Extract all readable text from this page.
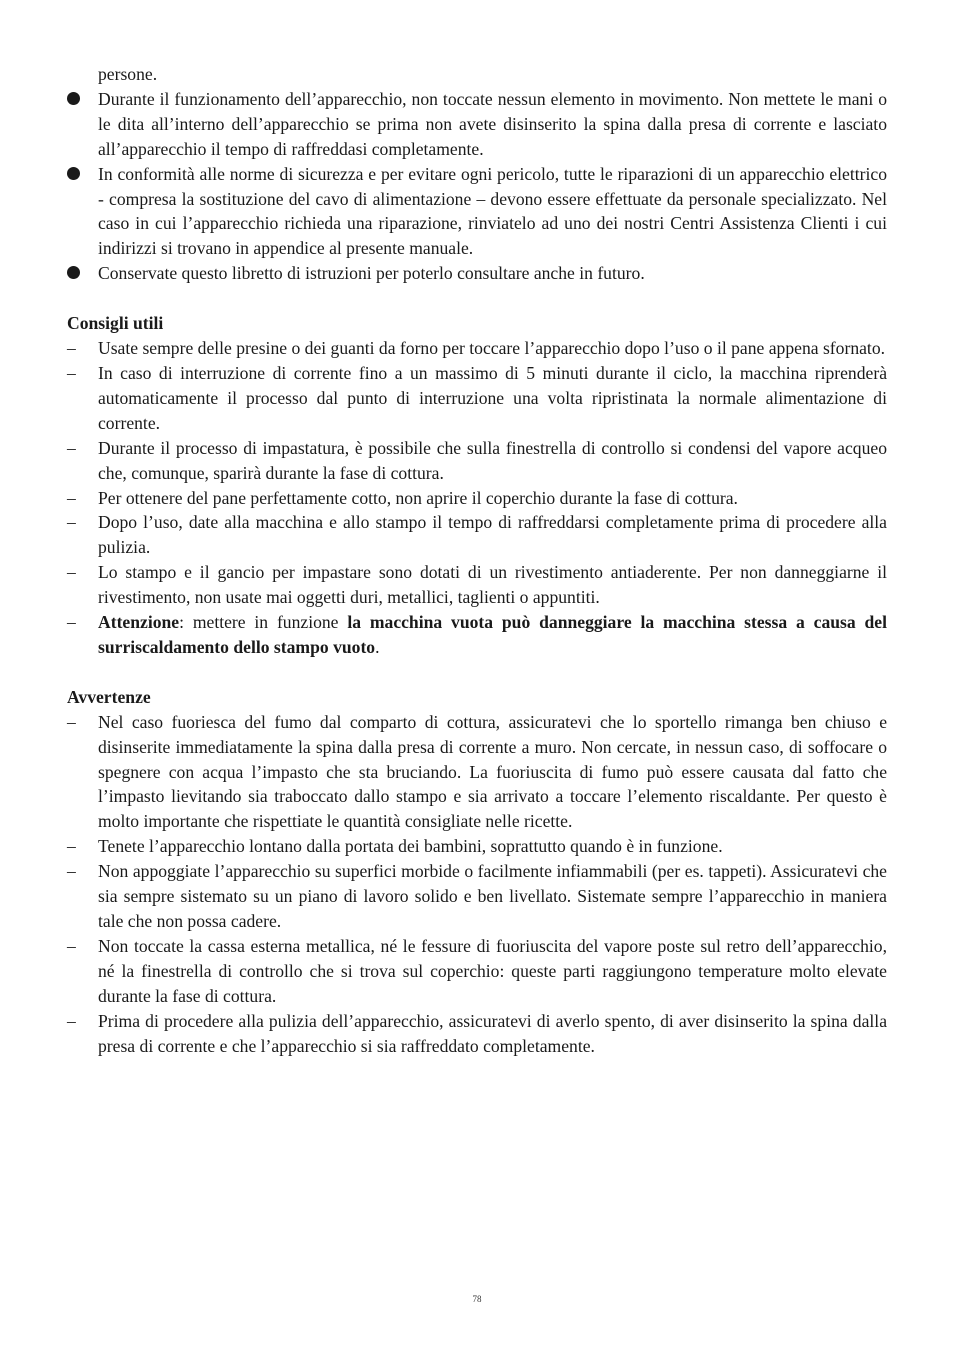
persone.
Durante il funzionamento dell’apparecchio, non toccate nessun elemento in movimento. Non mettete le mani o le dita all’interno dell’apparecchio se prima non avete disinserito la spina dalla presa di corrente e lasciato all’apparecchio il tempo di raffreddasi completamente.
In conformità alle norme di sicurezza e per evitare ogni pericolo, tutte le riparazioni di un apparecchio elettrico - compresa la sostituzione del cavo di alimentazione – devono essere effettuate da personale specializzato. Nel caso in cui l’apparecchio richieda una riparazione, rinviatelo ad uno dei nostri Centri Assistenza Clienti i cui indirizzi si trovano in appendice al presente manuale.
Conservate questo libretto di istruzioni per poterlo consultare anche in futuro.
Consigli utili
–	Usate sempre delle presine o dei guanti da forno per toccare l’apparecchio dopo l’uso o il pane appena sfornato.
–	In caso di interruzione di corrente fino a un massimo di 5 minuti durante il ciclo, la macchina riprenderà automaticamente il processo dal punto di interruzione una volta ripristinata la normale alimentazione di corrente.
–	Durante il processo di impastatura, è possibile che sulla finestrella di controllo si condensi del vapore acqueo che, comunque, sparirà durante la fase di cottura.
–	Per ottenere del pane perfettamente cotto, non aprire il coperchio durante la fase di cottura.
–	Dopo l’uso, date alla macchina e allo stampo il tempo di raffreddarsi completamente prima di procedere alla pulizia.
–	Lo stampo e il gancio per impastare sono dotati di un rivestimento antiaderente. Per non danneggiarne il rivestimento, non usate mai oggetti duri, metallici, taglienti o appuntiti.
–	Attenzione: mettere in funzione la macchina vuota può danneggiare la macchina stessa a causa del surriscaldamento dello stampo vuoto.
Avvertenze
–	Nel caso fuoriesca del fumo dal comparto di cottura, assicuratevi che lo sportello rimanga ben chiuso e disinserite immediatamente la spina dalla presa di corrente a muro. Non cercate, in nessun caso, di soffocare o spegnere con acqua l’impasto che sta bruciando. La fuoriuscita di fumo può essere causata dal fatto che l’impasto lievitando sia traboccato dallo stampo e sia arrivato a toccare l’elemento riscaldante. Per questo è molto importante che rispettiate le quantità consigliate nelle ricette.
–	Tenete l’apparecchio lontano dalla portata dei bambini, soprattutto quando è in funzione.
–	Non appoggiate l’apparecchio su superfici morbide o facilmente infiammabili (per es. tappeti). Assicuratevi che sia sempre sistemato su un piano di lavoro solido e ben livellato. Sistemate sempre l’apparecchio in maniera tale che non possa cadere.
–	Non toccate la cassa esterna metallica, né le fessure di fuoriuscita del vapore poste sul retro dell’apparecchio, né la finestrella di controllo che si trova sul coperchio: queste parti raggiungono temperature molto elevate durante la fase di cottura.
–	Prima di procedere alla pulizia dell’apparecchio, assicuratevi di averlo spento, di aver disinserito la spina dalla presa di corrente e che l’apparecchio si sia raffreddato completamente.
78
